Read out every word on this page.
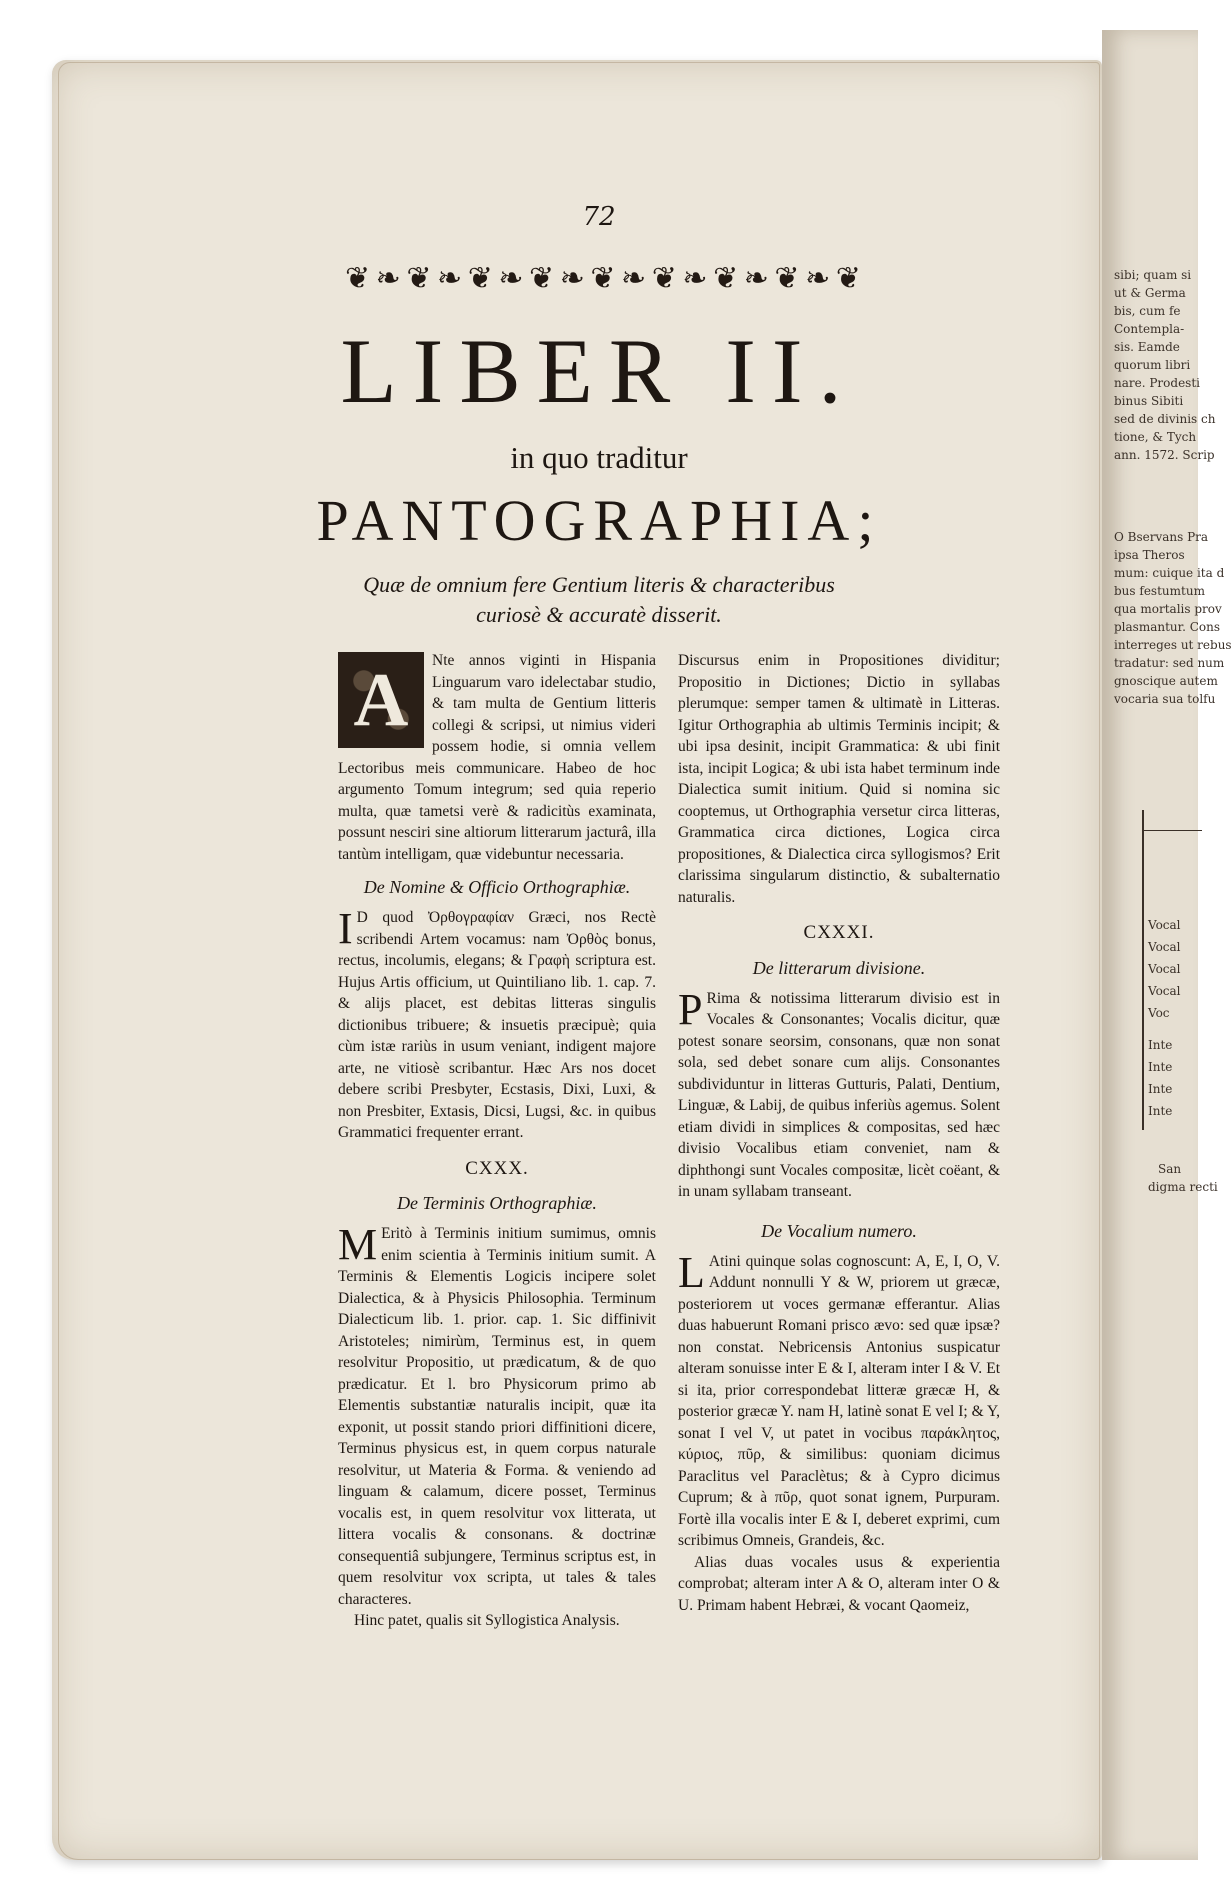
sibi; quam si
ut & Germa
bis, cum fe
Contempla-
sis. Eamde
quorum libri
nare. Prodesti
binus Sibiti
sed de divinis ch
tione, & Tych
ann. 1572. Scrip
O Bservans Pra
ipsa Theros
mum: cuique ita d
bus festumtum
qua mortalis prov
plasmantur. Cons
interreges ut rebus
tradatur: sed num
gnoscique autem
vocaria sua tolfu
Vocal
Vocal
Vocal
Vocal
Voc
Inte
Inte
Inte
Inte
San
digma recti
72
❦ ❧ ❦ ❧ ❦ ❧ ❦ ❧ ❦ ❧ ❦ ❧ ❦ ❧ ❦ ❧ ❦
LIBER II.
in quo traditur
PANTOGRAPHIA;
Quæ de omnium fere Gentium literis & characteribus
curiosè & accuratè disserit.
A	Nte annos viginti in Hispania Linguarum varo idelectabar studio, & tam multa de Gentium litteris collegi & scripsi, ut nimius videri possem hodie, si omnia vellem Lectoribus meis communicare. Habeo de hoc argumento Tomum integrum; sed quia reperio multa, quæ tametsi verè & radicitùs examinata, possunt nesciri sine altiorum litterarum jacturâ, illa tantùm intelligam, quæ videbuntur necessaria.

De Nomine & Officio Orthographiæ.

I D quod Ὀρθογραφίαν Græci, nos Rectè scribendi Artem vocamus: nam Ὀρθὸς bonus, rectus, incolumis, elegans; & Γραφὴ scriptura est. Hujus Artis officium, ut Quintiliano lib. 1. cap. 7. & alijs placet, est debitas litteras singulis dictionibus tribuere; & insuetis præcipuè; quia cùm istæ rariùs in usum veniant, indigent majore arte, ne vitiosè scribantur. Hæc Ars nos docet debere scribi Presbyter, Ecstasis, Dixi, Luxi, & non Presbiter, Extasis, Dicsi, Lugsi, &c. in quibus Grammatici frequenter errant.

CXXX.
De Terminis Orthographiæ.

M Eritò à Terminis initium sumimus, omnis enim scientia à Terminis initium sumit. A Terminis & Elementis Logicis incipere solet Dialectica, & à Physicis Philosophia. Terminum Dialecticum lib. 1. prior. cap. 1. Sic diffinivit Aristoteles; nimirùm, Terminus est, in quem resolvitur Propositio, ut prædicatum, & de quo prædicatur. Et l. bro Physicorum primo ab Elementis substantiæ naturalis incipit, quæ ita exponit, ut possit stando priori diffinitioni dicere, Terminus physicus est, in quem corpus naturale resolvitur, ut Materia & Forma. & veniendo ad linguam & calamum, dicere posset, Terminus vocalis est, in quem resolvitur vox litterata, ut littera vocalis & consonans. & doctrinæ consequentiâ subjungere, Terminus scriptus est, in quem resolvitur vox scripta, ut tales & tales characteres.

Hinc patet, qualis sit Syllogistica Analysis.

Discursus enim in Propositiones dividitur; Propositio in Dictiones; Dictio in syllabas plerumque: semper tamen & ultimatè in Litteras. Igitur Orthographia ab ultimis Terminis incipit; & ubi ipsa desinit, incipit Grammatica: & ubi finit ista, incipit Logica; & ubi ista habet terminum inde Dialectica sumit initium. Quid si nomina sic cooptemus, ut Orthographia versetur circa litteras, Grammatica circa dictiones, Logica circa propositiones, & Dialectica circa syllogismos? Erit clarissima singularum distinctio, & subalternatio naturalis.

CXXXI.
De litterarum divisione.

P Rima & notissima litterarum divisio est in Vocales & Consonantes; Vocalis dicitur, quæ potest sonare seorsim, consonans, quæ non sonat sola, sed debet sonare cum alijs. Consonantes subdividuntur in litteras Gutturis, Palati, Dentium, Linguæ, & Labij, de quibus inferiùs agemus. Solent etiam dividi in simplices & compositas, sed hæc divisio Vocalibus etiam conveniet, nam & diphthongi sunt Vocales compositæ, licèt coëant, & in unam syllabam transeant.

De Vocalium numero.

L Atini quinque solas cognoscunt: A, E, I, O, V. Addunt nonnulli Y & W, priorem ut græcæ, posteriorem ut voces germanæ efferantur. Alias duas habuerunt Romani prisco ævo: sed quæ ipsæ? non constat. Nebricensis Antonius suspicatur alteram sonuisse inter E & I, alteram inter I & V. Et si ita, prior correspondebat litteræ græcæ H, & posterior græcæ Y. nam H, latinè sonat E vel I; & Y, sonat I vel V, ut patet in vocibus παράκλητος, κύριος, πῦρ, & similibus: quoniam dicimus Paraclitus vel Paraclètus; & à Cypro dicimus Cuprum; & à πῦρ, quot sonat ignem, Purpuram. Fortè illa vocalis inter E & I, deberet exprimi, cum scribimus Omneis, Grandeis, &c.

Alias duas vocales usus & experientia comprobat; alteram inter A & O, alteram inter O & U. Primam habent Hebræi, & vocant Qaomeiz,
